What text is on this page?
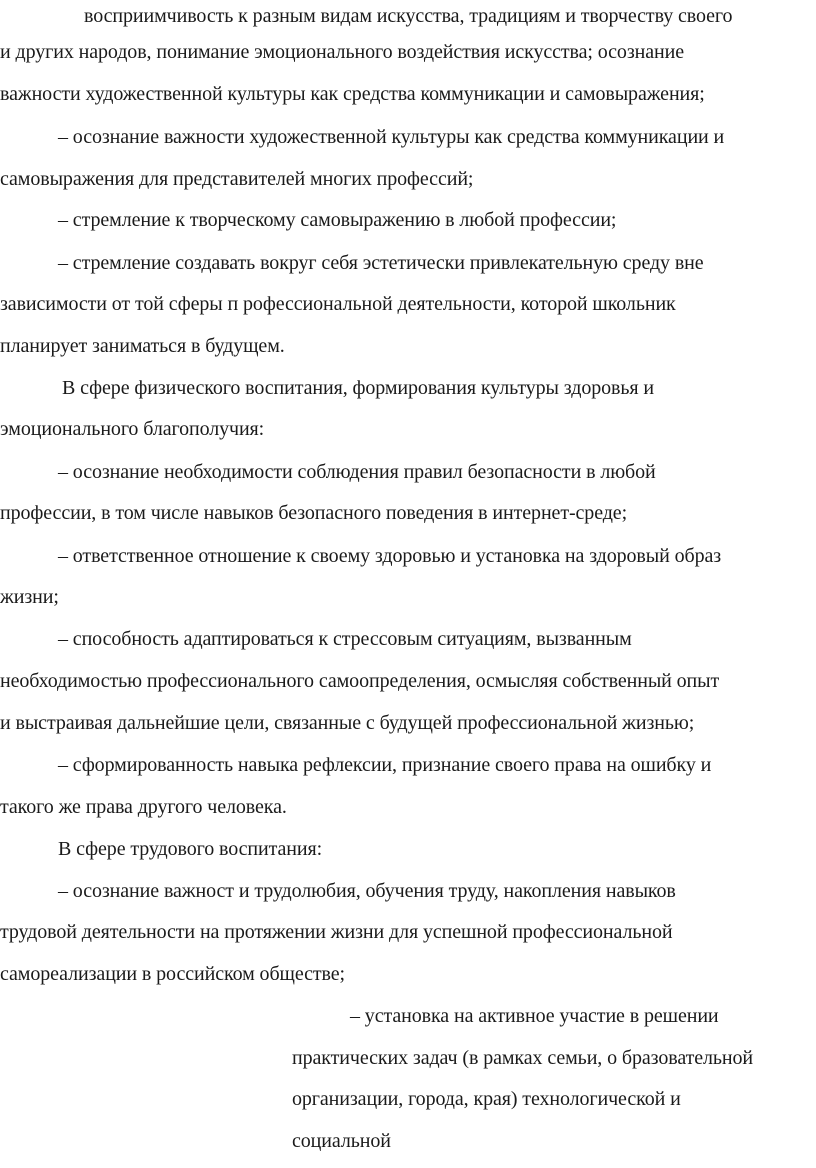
восприимчивость к разным видам искусства, традициям и творчеству своего
и других народов, понимание эмоционального воздействия искусства; осознание
важности художественной культуры как средства коммуникации и самовыражения;
– осознание важности художественной культуры как средства коммуникации и
самовыражения для представителей многих профессий;
– стремление к творческому самовыражению в любой профессии;
– стремление создавать вокруг себя эстетически привлекательную среду вне
зависимости от той сферы п рофессиональной деятельности, которой школьник
планирует заниматься в будущем.
В сфере физического воспитания, формирования культуры здоровья и
эмоционального благополучия:
– осознание необходимости соблюдения правил безопасности в любой
профессии, в том числе навыков безопасного поведения в интернет-среде;
– ответственное отношение к своему здоровью и установка на здоровый образ
жизни;
– способность адаптироваться к стрессовым ситуациям, вызванным
необходимостью профессионального самоопределения, осмысляя собственный опыт
и выстраивая дальнейшие цели, связанные с будущей профессиональной жизнью;
– сформированность навыка рефлексии, признание своего права на ошибку и
такого же права другого человека.
В сфере трудового воспитания:
– осознание важност и трудолюбия, обучения труду, накопления навыков
трудовой деятельности на протяжении жизни для успешной профессиональной
самореализации в российском обществе;
– установка на активное участие в решении
практических задач (в рамках семьи, о бразовательной
организации, города, края) технологической и
социальной
